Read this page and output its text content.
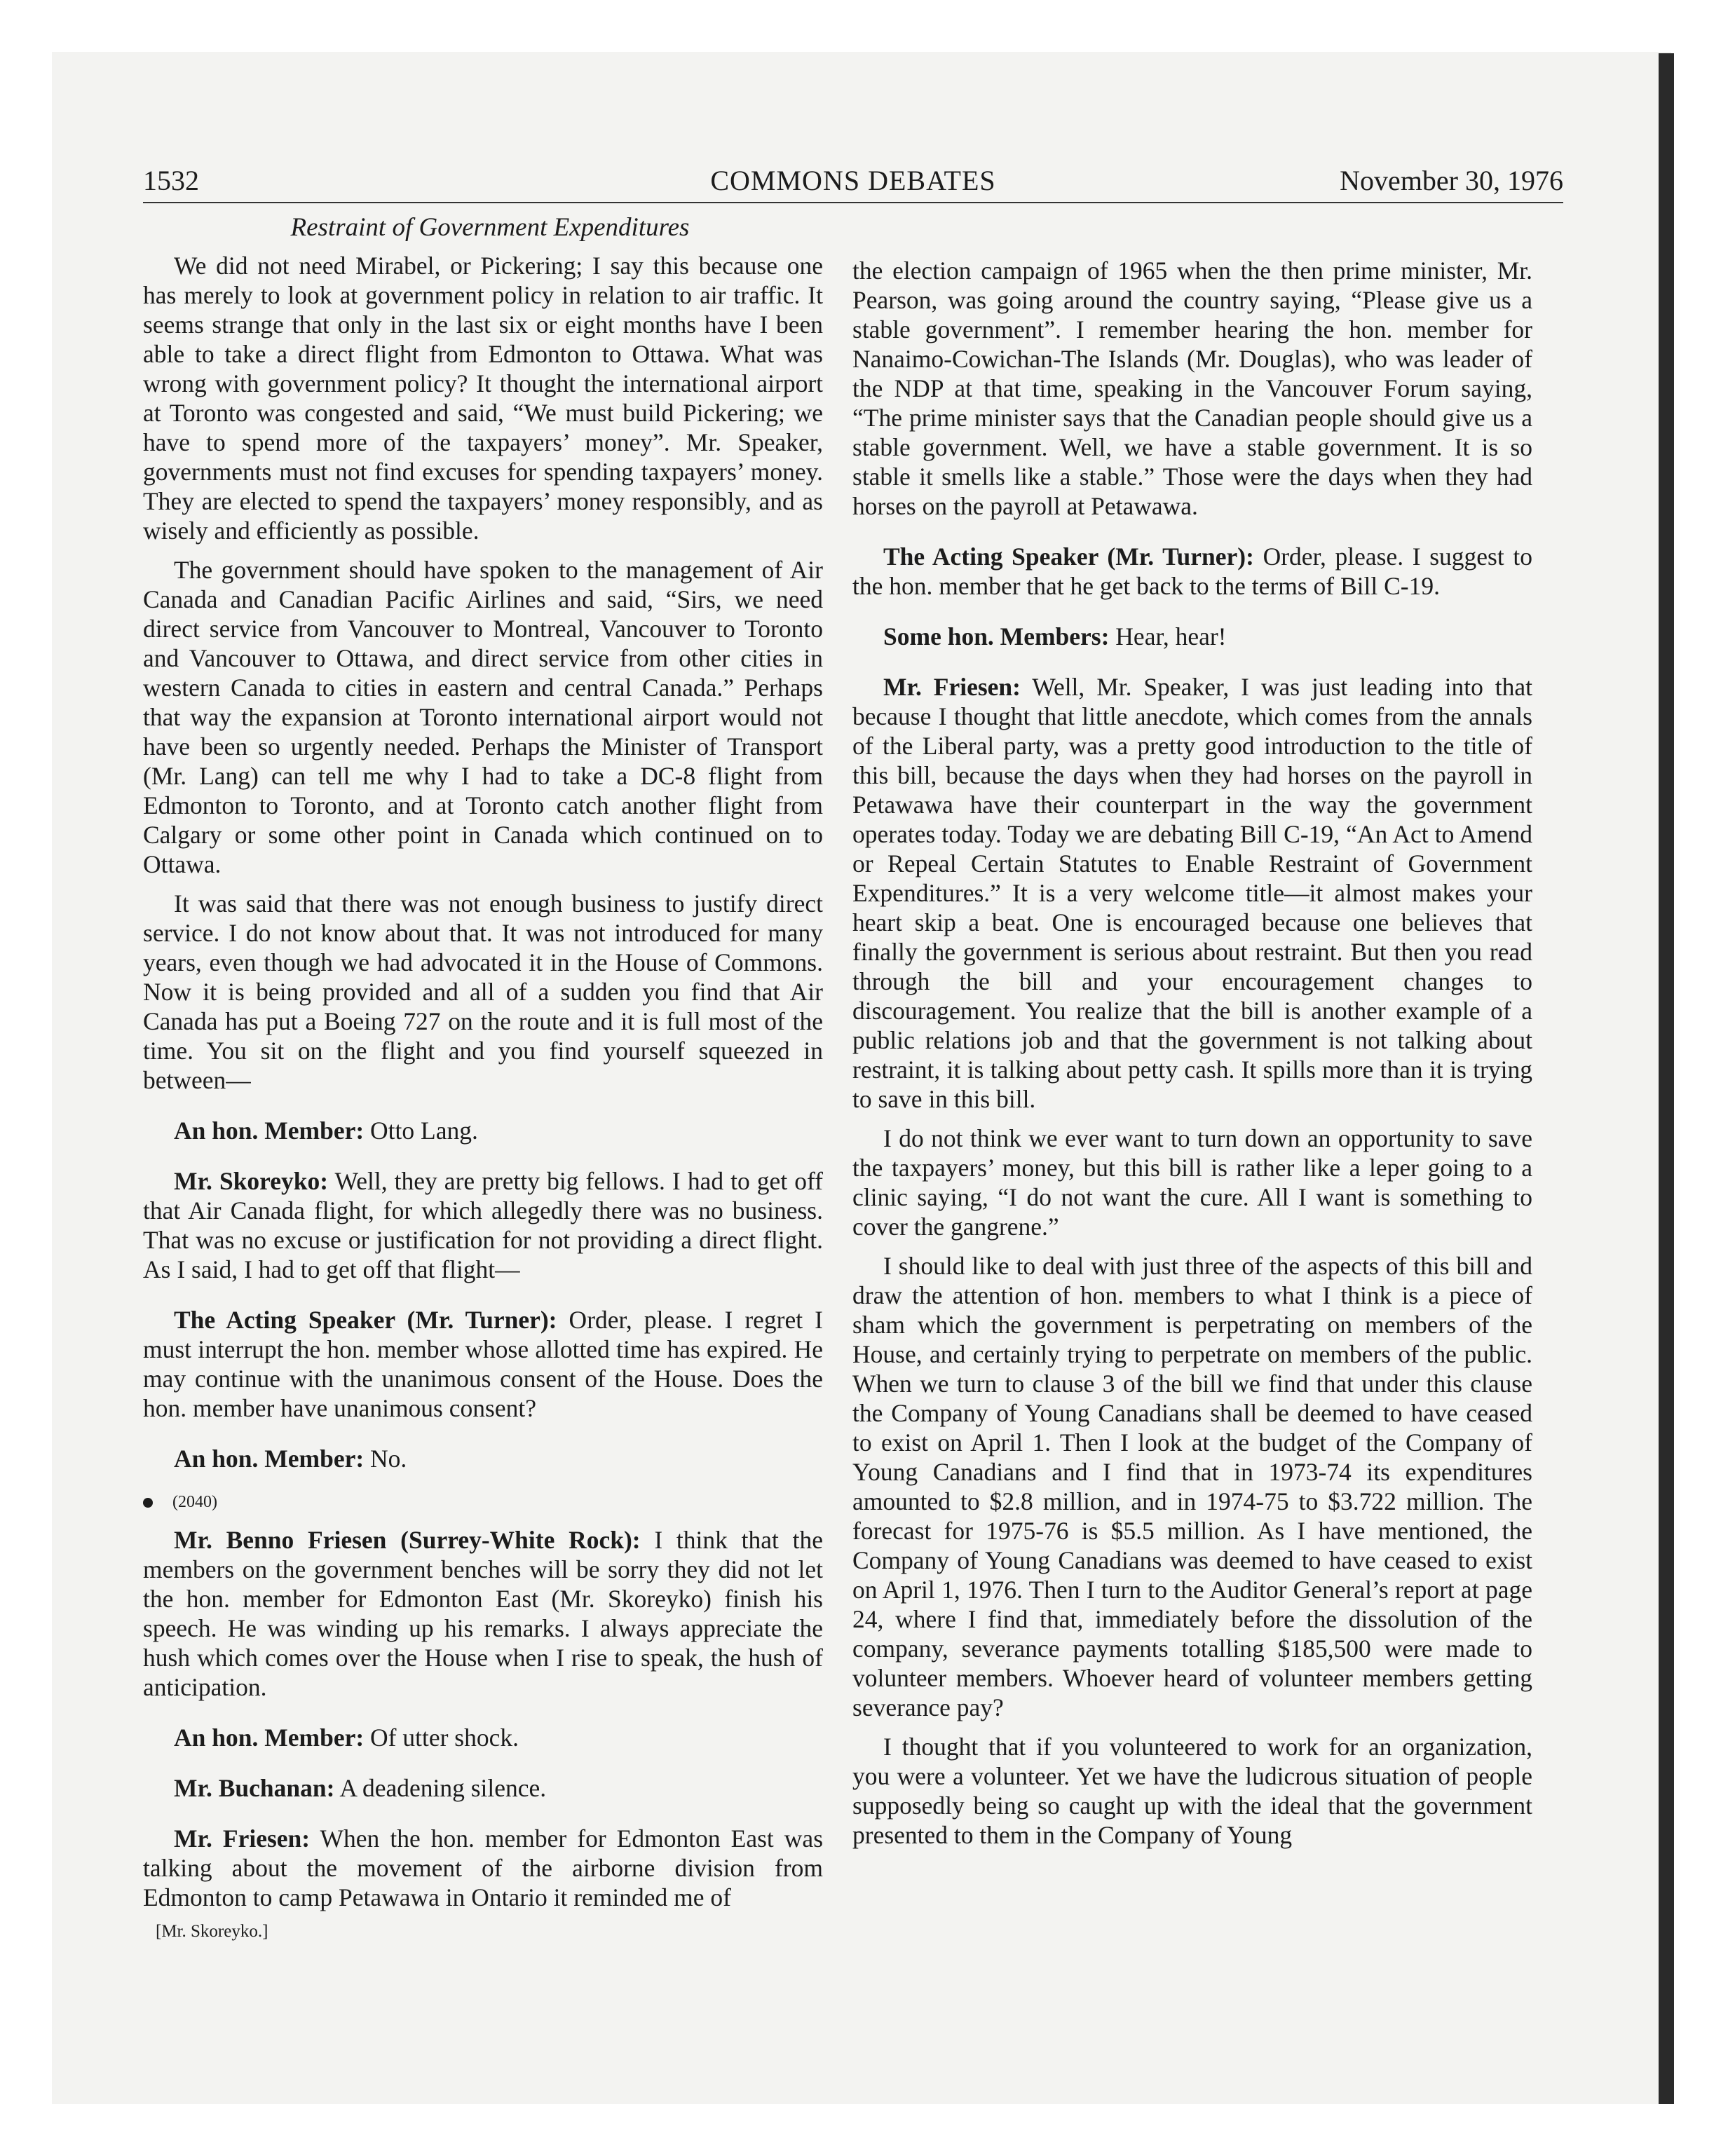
1532	COMMONS DEBATES	November 30, 1976
Restraint of Government Expenditures

We did not need Mirabel, or Pickering; I say this because one has merely to look at government policy in relation to air traffic. It seems strange that only in the last six or eight months have I been able to take a direct flight from Edmonton to Ottawa. What was wrong with government policy? It thought the international airport at Toronto was congested and said, “We must build Pickering; we have to spend more of the taxpayers’ money”. Mr. Speaker, governments must not find excuses for spending taxpayers’ money. They are elected to spend the taxpayers’ money responsibly, and as wisely and efficiently as possible.

The government should have spoken to the management of Air Canada and Canadian Pacific Airlines and said, “Sirs, we need direct service from Vancouver to Montreal, Vancouver to Toronto and Vancouver to Ottawa, and direct service from other cities in western Canada to cities in eastern and central Canada.” Perhaps that way the expansion at Toronto international airport would not have been so urgently needed. Perhaps the Minister of Transport (Mr. Lang) can tell me why I had to take a DC-8 flight from Edmonton to Toronto, and at Toronto catch another flight from Calgary or some other point in Canada which continued on to Ottawa.

It was said that there was not enough business to justify direct service. I do not know about that. It was not introduced for many years, even though we had advocated it in the House of Commons. Now it is being provided and all of a sudden you find that Air Canada has put a Boeing 727 on the route and it is full most of the time. You sit on the flight and you find yourself squeezed in between—

An hon. Member: Otto Lang.

Mr. Skoreyko: Well, they are pretty big fellows. I had to get off that Air Canada flight, for which allegedly there was no business. That was no excuse or justification for not providing a direct flight. As I said, I had to get off that flight—

The Acting Speaker (Mr. Turner): Order, please. I regret I must interrupt the hon. member whose allotted time has expired. He may continue with the unanimous consent of the House. Does the hon. member have unanimous consent?

An hon. Member: No.

(2040)

Mr. Benno Friesen (Surrey-White Rock): I think that the members on the government benches will be sorry they did not let the hon. member for Edmonton East (Mr. Skoreyko) finish his speech. He was winding up his remarks. I always appreciate the hush which comes over the House when I rise to speak, the hush of anticipation.

An hon. Member: Of utter shock.

Mr. Buchanan: A deadening silence.

Mr. Friesen: When the hon. member for Edmonton East was talking about the movement of the airborne division from Edmonton to camp Petawawa in Ontario it reminded me of

the election campaign of 1965 when the then prime minister, Mr. Pearson, was going around the country saying, “Please give us a stable government”. I remember hearing the hon. member for Nanaimo-Cowichan-The Islands (Mr. Douglas), who was leader of the NDP at that time, speaking in the Vancouver Forum saying, “The prime minister says that the Canadian people should give us a stable government. Well, we have a stable government. It is so stable it smells like a stable.” Those were the days when they had horses on the payroll at Petawawa.

The Acting Speaker (Mr. Turner): Order, please. I suggest to the hon. member that he get back to the terms of Bill C-19.

Some hon. Members: Hear, hear!

Mr. Friesen: Well, Mr. Speaker, I was just leading into that because I thought that little anecdote, which comes from the annals of the Liberal party, was a pretty good introduction to the title of this bill, because the days when they had horses on the payroll in Petawawa have their counterpart in the way the government operates today. Today we are debating Bill C-19, “An Act to Amend or Repeal Certain Statutes to Enable Restraint of Government Expenditures.” It is a very welcome title—it almost makes your heart skip a beat. One is encouraged because one believes that finally the government is serious about restraint. But then you read through the bill and your encouragement changes to discouragement. You realize that the bill is another example of a public relations job and that the government is not talking about restraint, it is talking about petty cash. It spills more than it is trying to save in this bill.

I do not think we ever want to turn down an opportunity to save the taxpayers’ money, but this bill is rather like a leper going to a clinic saying, “I do not want the cure. All I want is something to cover the gangrene.”

I should like to deal with just three of the aspects of this bill and draw the attention of hon. members to what I think is a piece of sham which the government is perpetrating on members of the House, and certainly trying to perpetrate on members of the public. When we turn to clause 3 of the bill we find that under this clause the Company of Young Canadians shall be deemed to have ceased to exist on April 1. Then I look at the budget of the Company of Young Canadians and I find that in 1973-74 its expenditures amounted to $2.8 million, and in 1974-75 to $3.722 million. The forecast for 1975-76 is $5.5 million. As I have mentioned, the Company of Young Canadians was deemed to have ceased to exist on April 1, 1976. Then I turn to the Auditor General’s report at page 24, where I find that, immediately before the dissolution of the company, severance payments totalling $185,500 were made to volunteer members. Whoever heard of volunteer members getting severance pay?

I thought that if you volunteered to work for an organization, you were a volunteer. Yet we have the ludicrous situation of people supposedly being so caught up with the ideal that the government presented to them in the Company of Young

[Mr. Skoreyko.]
